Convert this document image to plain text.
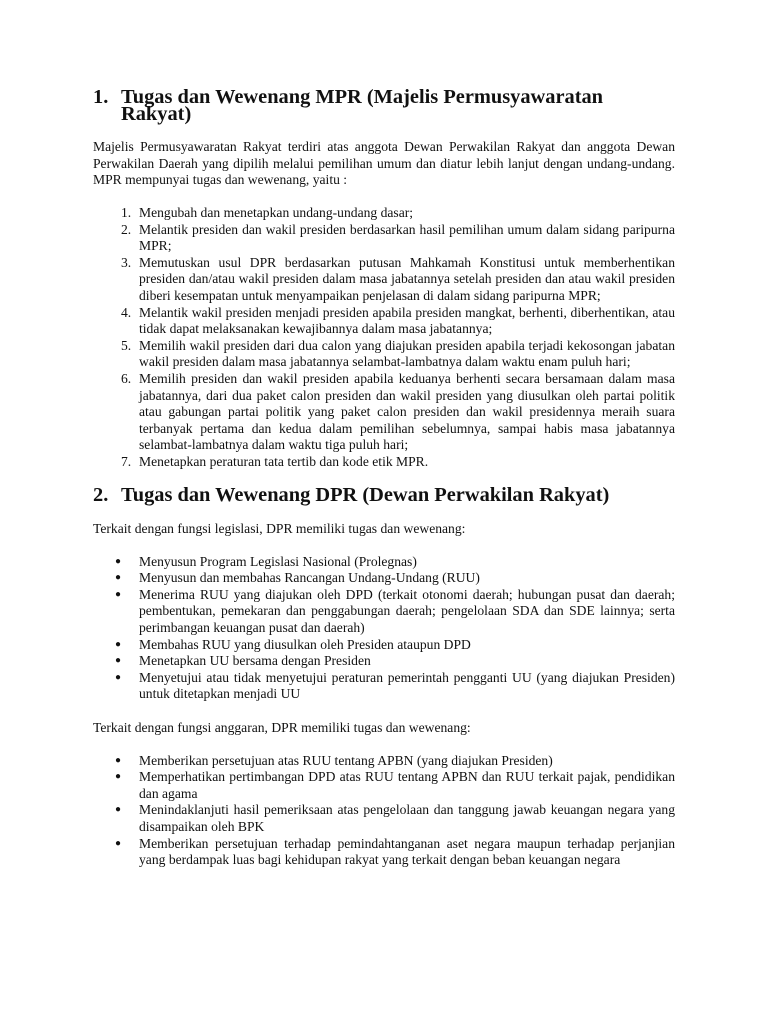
1. Tugas dan Wewenang MPR (Majelis Permusyawaratan Rakyat)

Majelis Permusyawaratan Rakyat terdiri atas anggota Dewan Perwakilan Rakyat dan anggota Dewan Perwakilan Daerah yang dipilih melalui pemilihan umum dan diatur lebih lanjut dengan undang-undang. MPR mempunyai tugas dan wewenang, yaitu :

1. Mengubah dan menetapkan undang-undang dasar;
2. Melantik presiden dan wakil presiden berdasarkan hasil pemilihan umum dalam sidang paripurna MPR;
3. Memutuskan usul DPR berdasarkan putusan Mahkamah Konstitusi untuk memberhentikan presiden dan/atau wakil presiden dalam masa jabatannya setelah presiden dan atau wakil presiden diberi kesempatan untuk menyampaikan penjelasan di dalam sidang paripurna MPR;
4. Melantik wakil presiden menjadi presiden apabila presiden mangkat, berhenti, diberhentikan, atau tidak dapat melaksanakan kewajibannya dalam masa jabatannya;
5. Memilih wakil presiden dari dua calon yang diajukan presiden apabila terjadi kekosongan jabatan wakil presiden dalam masa jabatannya selambat-lambatnya dalam waktu enam puluh hari;
6. Memilih presiden dan wakil presiden apabila keduanya berhenti secara bersamaan dalam masa jabatannya, dari dua paket calon presiden dan wakil presiden yang diusulkan oleh partai politik atau gabungan partai politik yang paket calon presiden dan wakil presidennya meraih suara terbanyak pertama dan kedua dalam pemilihan sebelumnya, sampai habis masa jabatannya selambat-lambatnya dalam waktu tiga puluh hari;
7. Menetapkan peraturan tata tertib dan kode etik MPR.
2. Tugas dan Wewenang DPR (Dewan Perwakilan Rakyat)

Terkait dengan fungsi legislasi, DPR memiliki tugas dan wewenang:

●	Menyusun Program Legislasi Nasional (Prolegnas)
●	Menyusun dan membahas Rancangan Undang-Undang (RUU)
●	Menerima RUU yang diajukan oleh DPD (terkait otonomi daerah; hubungan pusat dan daerah; pembentukan, pemekaran dan penggabungan daerah; pengelolaan SDA dan SDE lainnya; serta perimbangan keuangan pusat dan daerah)
●	Membahas RUU yang diusulkan oleh Presiden ataupun DPD
●	Menetapkan UU bersama dengan Presiden
●	Menyetujui atau tidak menyetujui peraturan pemerintah pengganti UU (yang diajukan Presiden) untuk ditetapkan menjadi UU

Terkait dengan fungsi anggaran, DPR memiliki tugas dan wewenang:

●	Memberikan persetujuan atas RUU tentang APBN (yang diajukan Presiden)
●	Memperhatikan pertimbangan DPD atas RUU tentang APBN dan RUU terkait pajak, pendidikan dan agama
●	Menindaklanjuti hasil pemeriksaan atas pengelolaan dan tanggung jawab keuangan negara yang disampaikan oleh BPK
●	Memberikan persetujuan terhadap pemindahtanganan aset negara maupun terhadap perjanjian yang berdampak luas bagi kehidupan rakyat yang terkait dengan beban keuangan negara
